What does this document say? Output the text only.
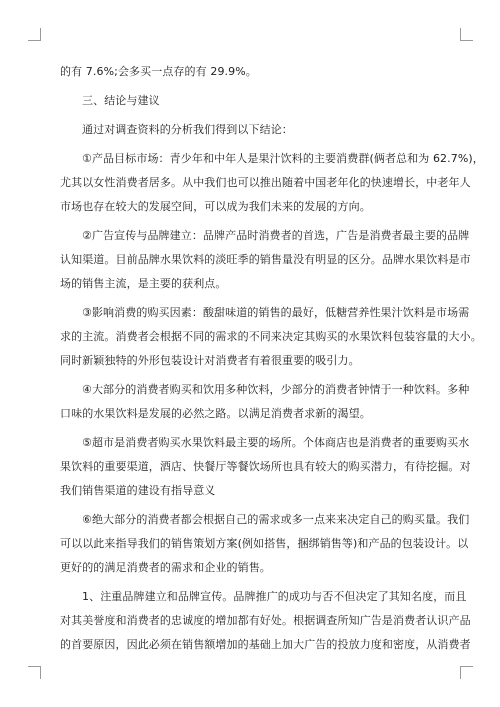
的有 7.6%;会多买一点存的有 29.9%。

三、结论与建议

通过对调查资料的分析我们得到以下结论：

①产品目标市场：青少年和中年人是果汁饮料的主要消费群(俩者总和为 62.7%)，

尤其以女性消费者居多。从中我们也可以推出随着中国老年化的快速增长，中老年人

市场也存在较大的发展空间，可以成为我们未来的发展的方向。

②广告宣传与品牌建立：品牌产品时消费者的首选，广告是消费者最主要的品牌

认知渠道。目前品牌水果饮料的淡旺季的销售量没有明显的区分。品牌水果饮料是市

场的销售主流，是主要的获利点。

③影响消费的购买因素：酸甜味道的销售的最好，低糖营养性果汁饮料是市场需

求的主流。消费者会根据不同的需求的不同来决定其购买的水果饮料包装容量的大小。

同时新颖独特的外形包装设计对消费者有着很重要的吸引力。

④大部分的消费者购买和饮用多种饮料，少部分的消费者钟情于一种饮料。多种

口味的水果饮料是发展的必然之路。以满足消费者求新的渴望。

⑤超市是消费者购买水果饮料最主要的场所。个体商店也是消费者的重要购买水

果饮料的重要渠道，酒店、快餐厅等餐饮场所也具有较大的购买潜力，有待挖掘。对

我们销售渠道的建设有指导意义

⑥绝大部分的消费者都会根据自己的需求或多一点来来决定自己的购买量。我们

可以以此来指导我们的销售策划方案(例如搭售，捆绑销售等)和产品的包装设计。以

更好的的满足消费者的需求和企业的销售。

1、注重品牌建立和品牌宣传。品牌推广的成功与否不但决定了其知名度，而且

对其美誉度和消费者的忠诚度的增加都有好处。根据调查所知广告是消费者认识产品

的首要原因，因此必须在销售额增加的基础上加大广告的投放力度和密度，从消费者
